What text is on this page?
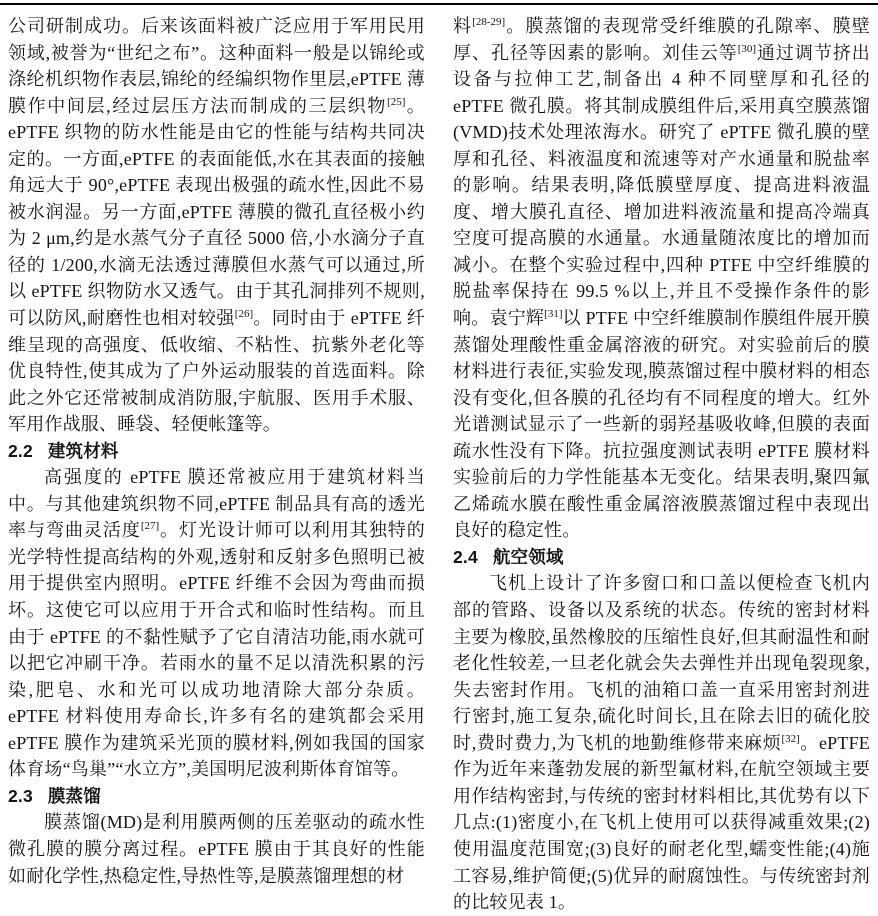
公司研制成功。后来该面料被广泛应用于军用民用领域,被誉为“世纪之布”。这种面料一般是以锦纶或涤纶机织物作表层,锦纶的经编织物作里层,ePTFE 薄膜作中间层,经过层压方法而制成的三层织物[25]。ePTFE 织物的防水性能是由它的性能与结构共同决定的。一方面,ePTFE 的表面能低,水在其表面的接触角远大于 90°,ePTFE 表现出极强的疏水性,因此不易被水润湿。另一方面,ePTFE 薄膜的微孔直径极小约为 2 μm,约是水蒸气分子直径 5000 倍,小水滴分子直径的 1/200,水滴无法透过薄膜但水蒸气可以通过,所以 ePTFE 织物防水又透气。由于其孔洞排列不规则,可以防风,耐磨性也相对较强[26]。同时由于 ePTFE 纤维呈现的高强度、低收缩、不粘性、抗紫外老化等优良特性,使其成为了户外运动服装的首选面料。除此之外它还常被制成消防服,宇航服、医用手术服、军用作战服、睡袋、轻便帐篷等。

2.2 建筑材料

高强度的 ePTFE 膜还常被应用于建筑材料当中。与其他建筑织物不同,ePTFE 制品具有高的透光率与弯曲灵活度[27]。灯光设计师可以利用其独特的光学特性提高结构的外观,透射和反射多色照明已被用于提供室内照明。ePTFE 纤维不会因为弯曲而损坏。这使它可以应用于开合式和临时性结构。而且由于 ePTFE 的不黏性赋予了它自清洁功能,雨水就可以把它冲刷干净。若雨水的量不足以清洗积累的污染,肥皂、水和光可以成功地清除大部分杂质。ePTFE 材料使用寿命长,许多有名的建筑都会采用 ePTFE 膜作为建筑采光顶的膜材料,例如我国的国家体育场“鸟巢”“水立方”,美国明尼波利斯体育馆等。

2.3 膜蒸馏

膜蒸馏(MD)是利用膜两侧的压差驱动的疏水性微孔膜的膜分离过程。ePTFE 膜由于其良好的性能如耐化学性,热稳定性,导热性等,是膜蒸馏理想的材

料[28-29]。膜蒸馏的表现常受纤维膜的孔隙率、膜壁厚、孔径等因素的影响。刘佳云等[30]通过调节挤出设备与拉伸工艺,制备出 4 种不同壁厚和孔径的 ePTFE 微孔膜。将其制成膜组件后,采用真空膜蒸馏(VMD)技术处理浓海水。研究了 ePTFE 微孔膜的壁厚和孔径、料液温度和流速等对产水通量和脱盐率的影响。结果表明,降低膜壁厚度、提高进料液温度、增大膜孔直径、增加进料液流量和提高冷端真空度可提高膜的水通量。水通量随浓度比的增加而减小。在整个实验过程中,四种 PTFE 中空纤维膜的脱盐率保持在 99.5 %以上,并且不受操作条件的影响。袁宁辉[31]以 PTFE 中空纤维膜制作膜组件展开膜蒸馏处理酸性重金属溶液的研究。对实验前后的膜材料进行表征,实验发现,膜蒸馏过程中膜材料的相态没有变化,但各膜的孔径均有不同程度的增大。红外光谱测试显示了一些新的弱羟基吸收峰,但膜的表面疏水性没有下降。抗拉强度测试表明 ePTFE 膜材料实验前后的力学性能基本无变化。结果表明,聚四氟乙烯疏水膜在酸性重金属溶液膜蒸馏过程中表现出良好的稳定性。

2.4 航空领域

飞机上设计了许多窗口和口盖以便检查飞机内部的管路、设备以及系统的状态。传统的密封材料主要为橡胶,虽然橡胶的压缩性良好,但其耐温性和耐老化性较差,一旦老化就会失去弹性并出现龟裂现象,失去密封作用。飞机的油箱口盖一直采用密封剂进行密封,施工复杂,硫化时间长,且在除去旧的硫化胶时,费时费力,为飞机的地勤维修带来麻烦[32]。ePTFE 作为近年来蓬勃发展的新型氟材料,在航空领域主要用作结构密封,与传统的密封材料相比,其优势有以下几点:(1)密度小,在飞机上使用可以获得减重效果;(2)使用温度范围宽;(3)良好的耐老化型,蠕变性能;(4)施工容易,维护简便;(5)优异的耐腐蚀性。与传统密封剂的比较见表 1。
